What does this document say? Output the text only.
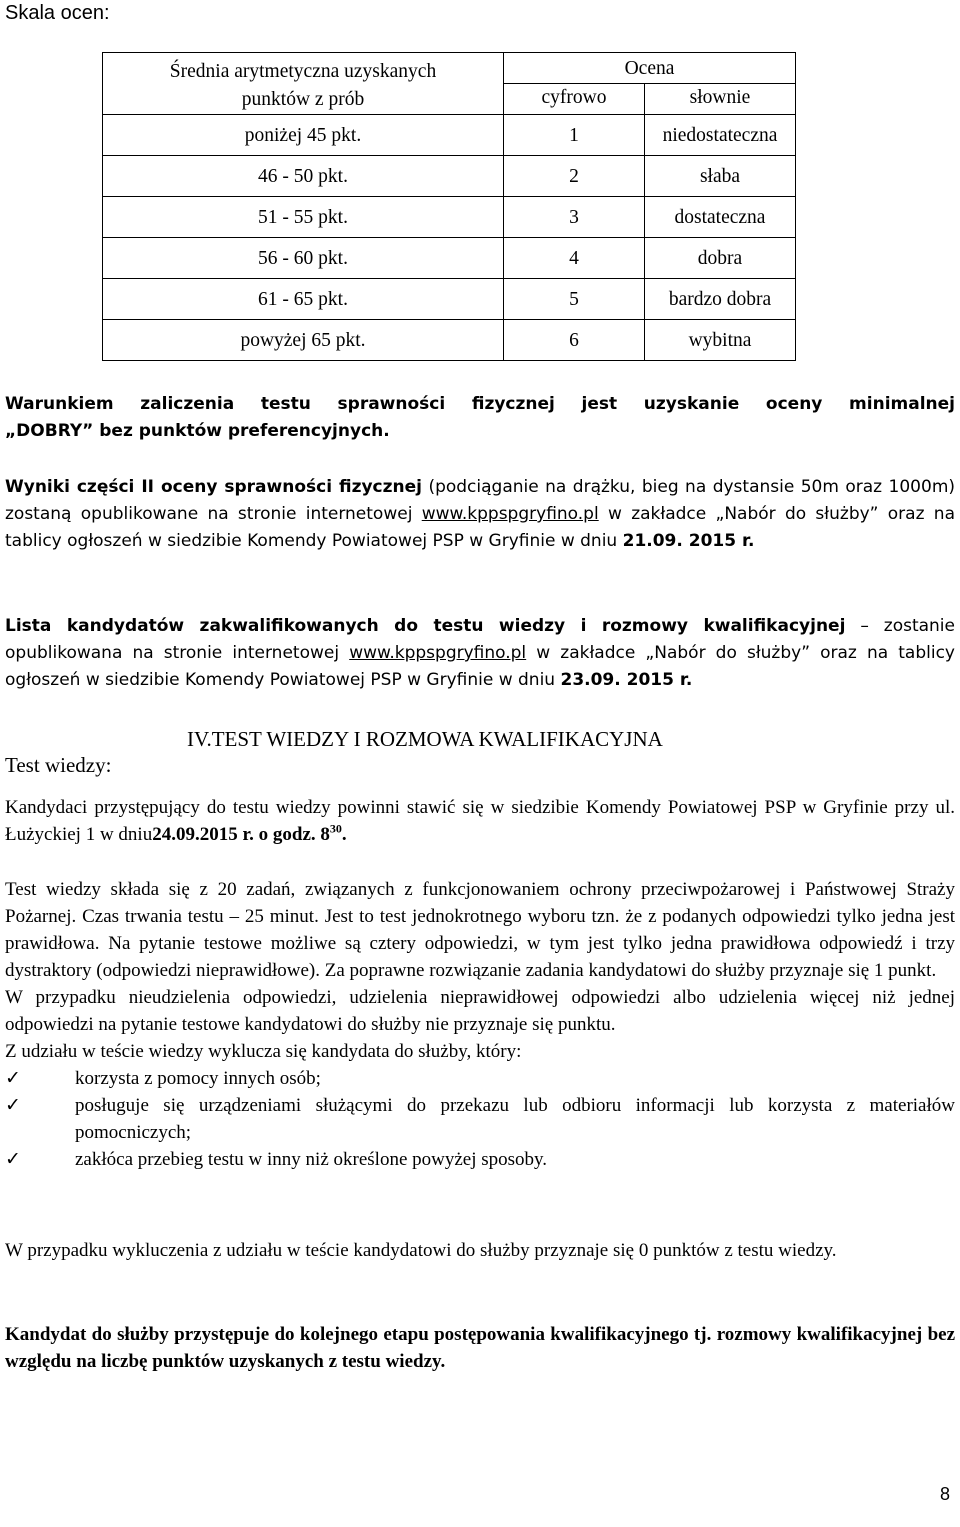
Skala ocen:
Średnia arytmetyczna uzyskanych
punktów z prób	Ocena	
	cyfrowo	słownie
poniżej 45 pkt.	1	niedostateczna
46 - 50 pkt.	2	słaba
51 - 55 pkt.	3	dostateczna
56 - 60 pkt.	4	dobra
61 - 65 pkt.	5	bardzo dobra
powyżej 65 pkt.	6	wybitna
Warunkiem zaliczenia testu sprawności fizycznej jest uzyskanie oceny minimalnej
„DOBRY” bez punktów preferencyjnych.
Wyniki części II oceny sprawności fizycznej (podciąganie na drążku, bieg na dystansie 50m oraz 1000m) zostaną opublikowane na stronie internetowej www.kppspgryfino.pl w zakładce „Nabór do służby” oraz na tablicy ogłoszeń w siedzibie Komendy Powiatowej PSP w Gryfinie w dniu 21.09. 2015 r.
Lista kandydatów zakwalifikowanych do testu wiedzy i rozmowy kwalifikacyjnej – zostanie opublikowana na stronie internetowej www.kppspgryfino.pl w zakładce „Nabór do służby” oraz na tablicy ogłoszeń w siedzibie Komendy Powiatowej PSP w Gryfinie w dniu 23.09. 2015 r.
IV.TEST WIEDZY I ROZMOWA KWALIFIKACYJNA
Test wiedzy:
Kandydaci przystępujący do testu wiedzy powinni stawić się w siedzibie Komendy Powiatowej PSP w Gryfinie przy ul. Łużyckiej 1 w dniu24.09.2015 r. o godz. $8^{30}$.

Test wiedzy składa się z 20 zadań, związanych z funkcjonowaniem ochrony przeciwpożarowej i Państwowej Straży Pożarnej. Czas trwania testu – 25 minut. Jest to test jednokrotnego wyboru tzn. że z podanych odpowiedzi tylko jedna jest prawidłowa. Na pytanie testowe możliwe są cztery odpowiedzi, w tym jest tylko jedna prawidłowa odpowiedź i trzy dystraktory (odpowiedzi nieprawidłowe). Za poprawne rozwiązanie zadania kandydatowi do służby przyznaje się 1 punkt.

W przypadku nieudzielenia odpowiedzi, udzielenia nieprawidłowej odpowiedzi albo udzielenia więcej niż jednej odpowiedzi na pytanie testowe kandydatowi do służby nie przyznaje się punktu.

Z udziału w teście wiedzy wyklucza się kandydata do służby, który:

✓	korzysta z pomocy innych osób;
✓	posługuje się urządzeniami służącymi do przekazu lub odbioru informacji lub korzysta z materiałów pomocniczych;
✓	zakłóca przebieg testu w inny niż określone powyżej sposoby.
W przypadku wykluczenia z udziału w teście kandydatowi do służby przyznaje się 0 punktów z testu wiedzy.
Kandydat do służby przystępuje do kolejnego etapu postępowania kwalifikacyjnego tj. rozmowy kwalifikacyjnej bez względu na liczbę punktów uzyskanych z testu wiedzy.
8
